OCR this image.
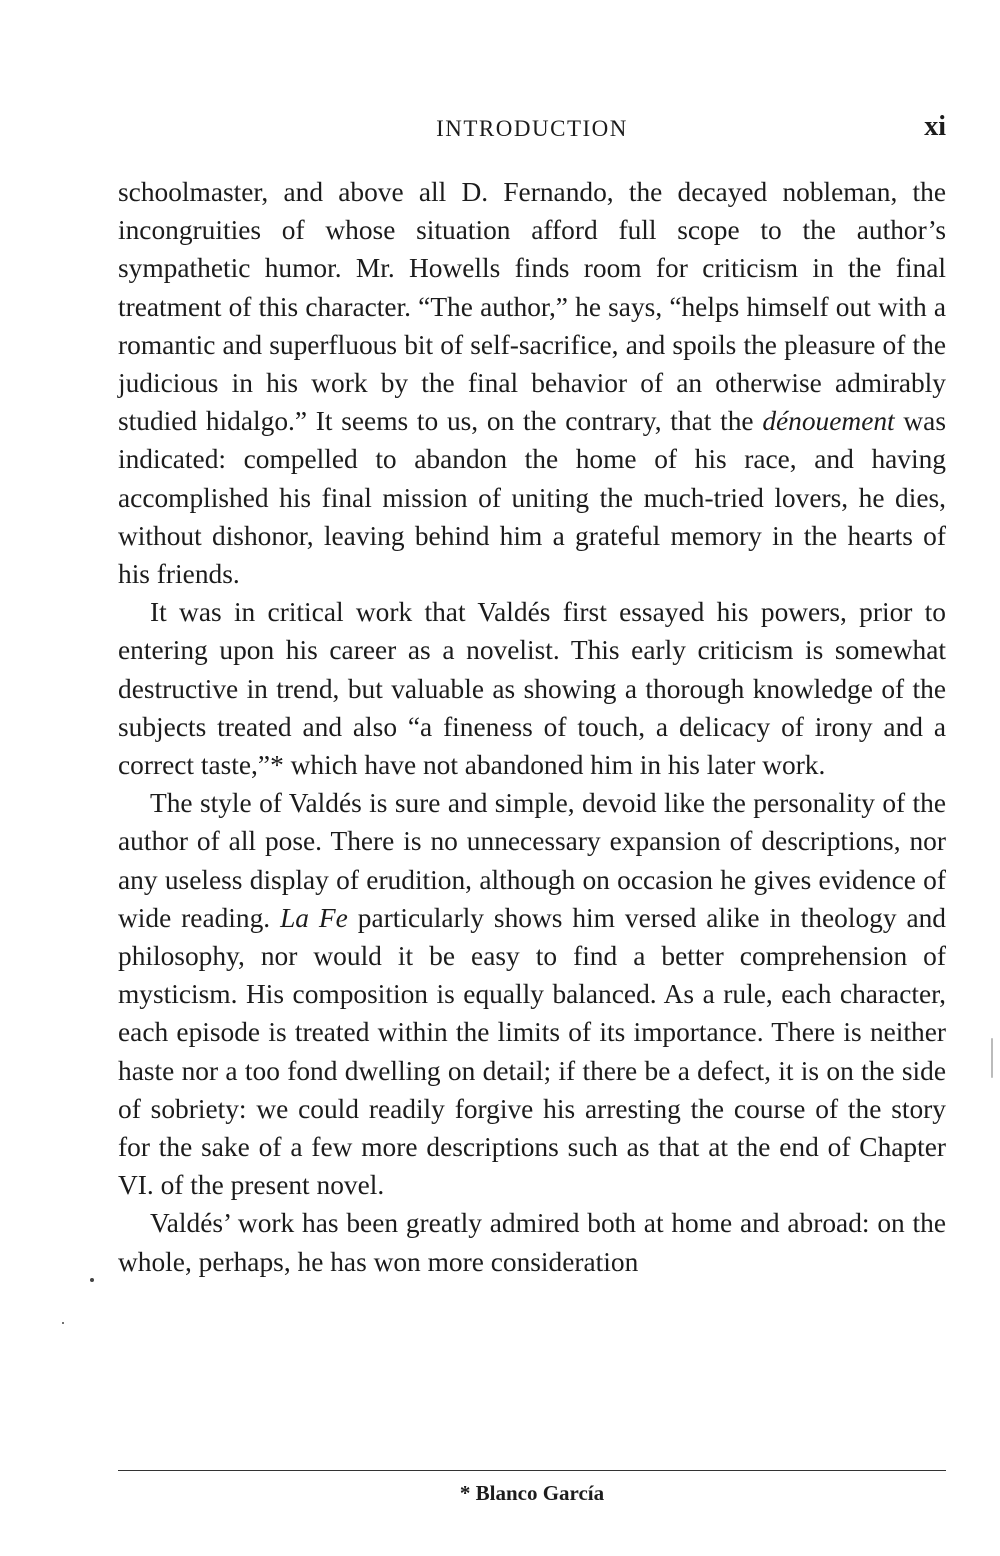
INTRODUCTION	xi

schoolmaster, and above all D. Fernando, the decayed nobleman, the incongruities of whose situation afford full scope to the author’s sympathetic humor. Mr. Howells finds room for criticism in the final treatment of this character. “The author,” he says, “helps himself out with a romantic and superfluous bit of self-sacrifice, and spoils the pleasure of the judicious in his work by the final behavior of an otherwise admirably studied hidalgo.” It seems to us, on the contrary, that the dénouement was indicated: compelled to abandon the home of his race, and having accomplished his final mission of uniting the much-tried lovers, he dies, without dishonor, leaving behind him a grateful memory in the hearts of his friends.

It was in critical work that Valdés first essayed his powers, prior to entering upon his career as a novelist. This early criticism is somewhat destructive in trend, but valuable as showing a thorough knowledge of the subjects treated and also “a fineness of touch, a delicacy of irony and a correct taste,”* which have not abandoned him in his later work.

The style of Valdés is sure and simple, devoid like the personality of the author of all pose. There is no unnecessary expansion of descriptions, nor any useless display of erudition, although on occasion he gives evidence of wide reading. La Fe particularly shows him versed alike in theology and philosophy, nor would it be easy to find a better comprehension of mysticism. His composition is equally balanced. As a rule, each character, each episode is treated within the limits of its importance. There is neither haste nor a too fond dwelling on detail; if there be a defect, it is on the side of sobriety: we could readily forgive his arresting the course of the story for the sake of a few more descriptions such as that at the end of Chapter VI. of the present novel.

Valdés’ work has been greatly admired both at home and abroad: on the whole, perhaps, he has won more consideration

* Blanco García
